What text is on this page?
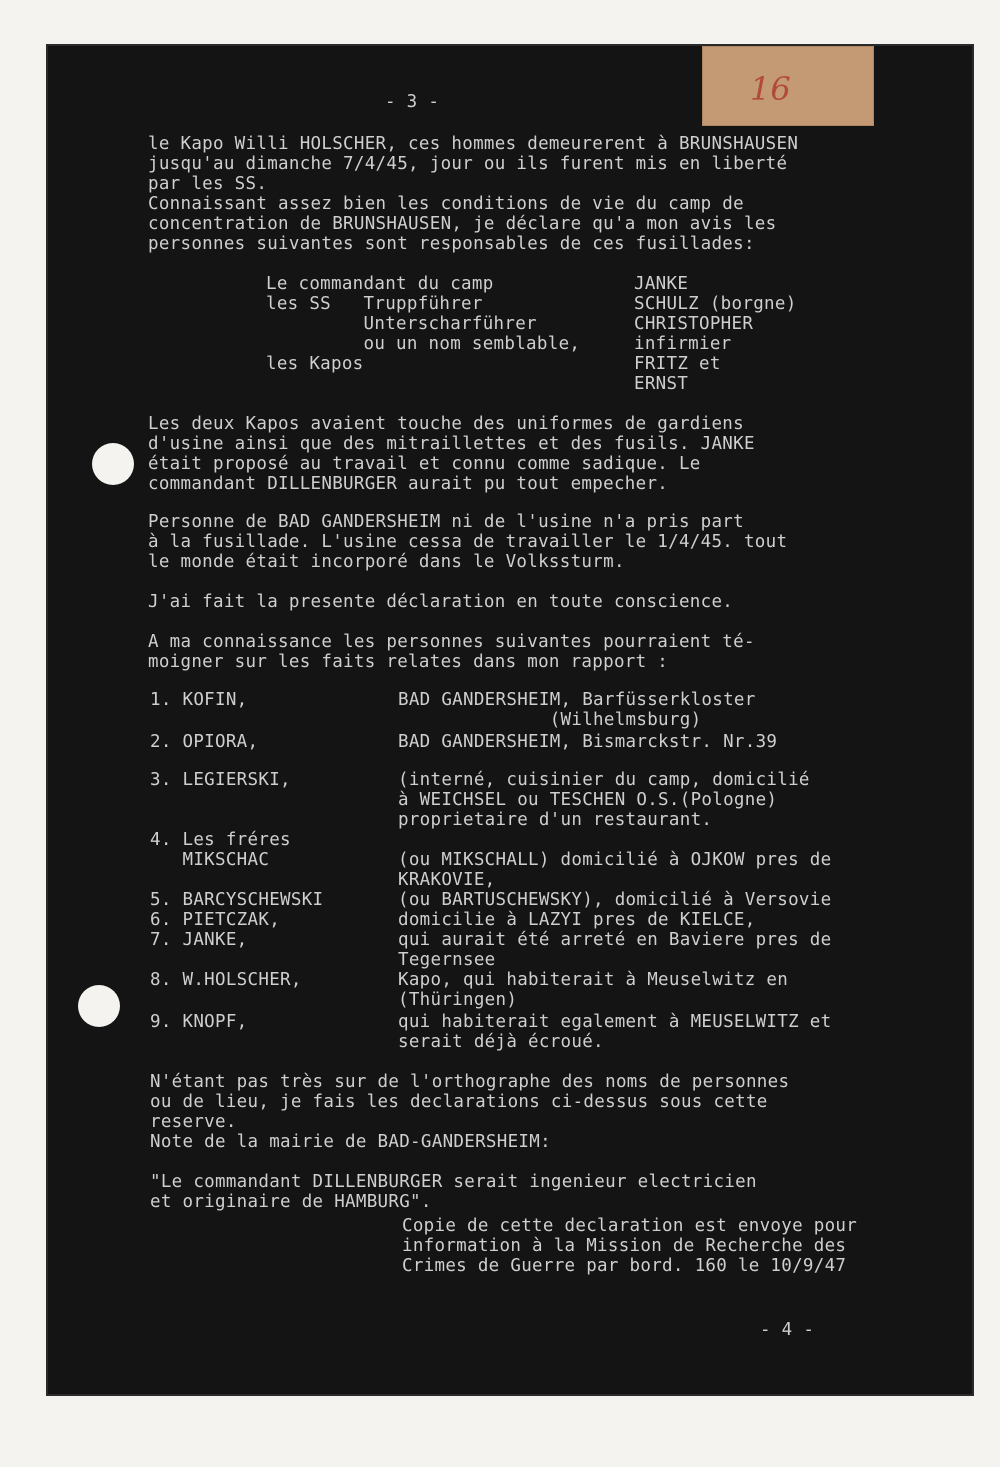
16
- 3 -
le Kapo Willi HOLSCHER, ces hommes demeurerent à BRUNSHAUSEN
jusqu'au dimanche 7/4/45, jour ou ils furent mis en liberté
par les SS.
Connaissant assez bien les conditions de vie du camp de
concentration de BRUNSHAUSEN, je déclare qu'a mon avis les
personnes suivantes sont responsables de ces fusillades:
Le commandant du camp	JANKE
les SS   Truppführer	SCHULZ (borgne)
Unterscharführer	CHRISTOPHER
ou un nom semblable,	infirmier
les Kapos	FRITZ et
ERNST
Les deux Kapos avaient touche des uniformes de gardiens
d'usine ainsi que des mitraillettes et des fusils. JANKE
était proposé au travail et connu comme sadique. Le
commandant DILLENBURGER aurait pu tout empecher.
Personne de BAD GANDERSHEIM ni de l'usine n'a pris part
à la fusillade. L'usine cessa de travailler le 1/4/45. tout
le monde était incorporé dans le Volkssturm.
J'ai fait la presente déclaration en toute conscience.
A ma connaissance les personnes suivantes pourraient té-
moigner sur les faits relates dans mon rapport :
1. KOFIN,	BAD GANDERSHEIM, Barfüsserkloster
(Wilhelmsburg)
2. OPIORA,	BAD GANDERSHEIM, Bismarckstr. Nr.39
3. LEGIERSKI,	(interné, cuisinier du camp, domicilié
à WEICHSEL ou TESCHEN O.S.(Pologne)
proprietaire d'un restaurant.
4. Les fréres
MIKSCHAC	(ou MIKSCHALL) domicilié à OJKOW pres de
KRAKOVIE,
5. BARCYSCHEWSKI	(ou BARTUSCHEWSKY), domicilié à Versovie
6. PIETCZAK,	domicilie à LAZYI pres de KIELCE,
7. JANKE,	qui aurait été arreté en Baviere pres de
Tegernsee
8. W.HOLSCHER,	Kapo, qui habiterait à Meuselwitz en
(Thüringen)
9. KNOPF,	qui habiterait egalement à MEUSELWITZ et
serait déjà écroué.
N'étant pas très sur de l'orthographe des noms de personnes
ou de lieu, je fais les declarations ci-dessus sous cette
reserve.
Note de la mairie de BAD-GANDERSHEIM:
"Le commandant DILLENBURGER serait ingenieur electricien
et originaire de HAMBURG".
Copie de cette declaration est envoye pour
information à la Mission de Recherche des
Crimes de Guerre par bord. 160 le 10/9/47
- 4 -
